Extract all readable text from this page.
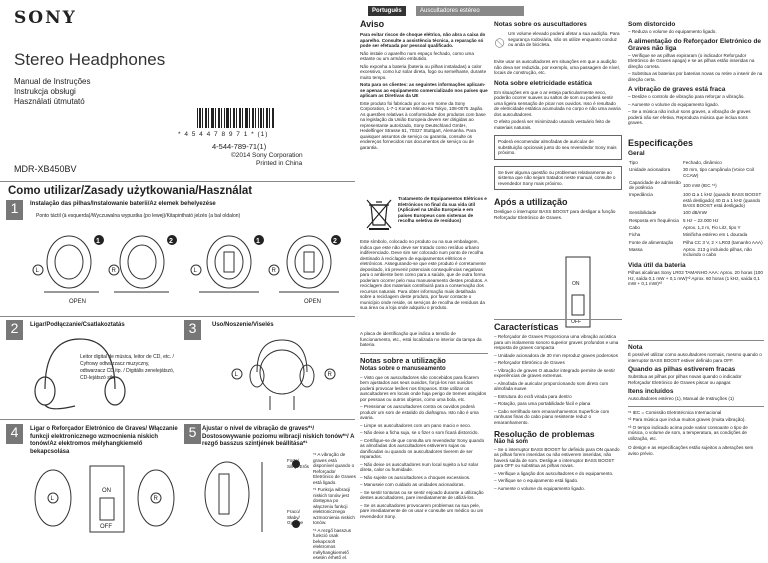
SONY
Stereo Headphones
Manual de Instruções
Instrukcja obsługi
Használati útmutató
* 4 5 4 4 7 8 9 7 1 * (1)
4-544-789-71(1)
©2014 Sony Corporation
Printed in China
MDR-XB450BV
Como utilizar/Zasady użytkowania/Használat
1	Instalação das pilhas/Instalowanie baterii/Az elemek behelyezése
Ponto táctil (à esquerda)/Wyczuwalna wypustka (po lewej)/Kitapintható jelzés (a bal oldalon)
1	2	1	2
L	L
R	R
OPEN	OPEN
2	Ligar/Podłączanie/Csatlakoztatás
Leitor digital de música, leitor de CD, etc. / Cyfrowy odtwarzacz muzyczny, odtwarzacz CD itp. / Digitális zenelejátszó, CD-lejátszó stb.
3	Uso/Noszenie/Viselés
L	R
4	Ligar o Reforçador Eletrónico de Graves/ Włączanie funkcji elektronicznego wzmocnienia niskich tonów/Az elektromos mélyhangkiemelő bekapcsolása
L	R
ON
OFF
5 Ajustar o nível de vibração de graves*¹/ Dostosowywanie poziomu wibracji niskich tonów*¹/ A rezgő basszus szintjének beállítása*¹
Forte/ Silny/ Erős
Fraco/ Słaby/ Gyenge

*¹ A vibração de graves está disponível quando o Reforçador Eletrónico de Graves está ligado.

*¹ Funkcja wibracji niskich tonów jest dostępna po włączeniu funkcji elektronicznego wzmocnienia niskich tonów.

*¹ A rezgő basszus funkció csak bekapcsolt elektromos mélyhangkiemelő esetén érhető el.

Português	Auscultadores estéreo
Aviso

Para evitar riscos de choque elétrico, não abra a caixa do aparelho. Consulte a assistência técnica, a reparação só pode ser efetuada por pessoal qualificado.

Não instale o aparelho num espaço fechado, como uma estante ou um armário embutido.

Não exponha a bateria (bateria ou pilhas instaladas) a calor excessivo, como luz solar direta, fogo ou semelhante, durante muito tempo.

Nota para os clientes: as seguintes informações aplicam-se apenas ao equipamento comercializado nos países que aplicam as Diretivas da UE

Este produto foi fabricado por ou em nome da Sony Corporation, 1-7-1 Konan Minato-ku Tokyo, 108-0075 Japão. As questões relativas à conformidade dos produtos com base na legislação da União Europeia devem ser dirigidas ao representante autorizado, Sony Deutschland GmbH, Hedelfinger Strasse 61, 70327 Stuttgart, Alemanha. Para quaisquer assuntos de serviço ou garantia, consulte os endereços fornecidos nos documentos de serviço ou de garantia.

Tratamento de Equipamentos Elétricos e Eletrónicos no final da sua vida útil (Aplicável na União Europeia e em países Europeus com sistemas de recolha seletiva de resíduos)
Este símbolo, colocado no produto ou na sua embalagem, indica que este não deve ser tratado como resíduo urbano indiferenciado. Deve sim ser colocado num ponto de recolha destinado à reciclagem de equipamentos elétricos e eletrónicos. Assegurando-se que este produto é corretamente depositado, irá prevenir potenciais consequências negativas para o ambiente bem como para a saúde, que de outra forma poderiam ocorrer pelo mau manuseamento destes produtos. A reciclagem dos materiais contribuirá para a conservação dos recursos naturais. Para obter informação mais detalhada sobre a reciclagem deste produto, por favor contacte o município onde reside, os serviços de recolha de resíduos da sua área ou a loja onde adquiriu o produto.
A placa de identificação que indica a tensão de funcionamento, etc., está localizada no interior da tampa da bateria.
Notas sobre a utilização
Notas sobre o manuseamento

– Visto que os auscultadores são concebidos para ficarem bem ajustados aos seus ouvidos, forçá-los nos ouvidos poderá provocar lesões nos tímpanos. Este utilizar os auscultadores em locais onde haja perigo de tremes atingidos por pessoas ou outros objetos, como uma bola, etc.

– Pressionar os auscultadores contra os ouvidos poderá produzir um som de estalido do diafragma. Isto não é uma avaria.

– Limpe os auscultadores com um pano macio e seco.

– Não deixe a ficha suja, se o fizer o som ficará distorcido.

– Certifique-se de que consulta um revendedor Sony quando as almofadas dos auscultadores estiverem sujas ou danificadas ou quando os auscultadores tiverem de ser reparados.

– Não deixe os auscultadores num local sujeito a luz solar direta, calor ou humidade.

– Não sujeite os auscultadores a choques excessivos.

– Manuseie com cuidado as unidades acionadoras.

– Se sentir tonturas ou se sentir enjoado durante a utilização destes auscultadores, pare imediatamente de utilizá-los.

– Se os auscultadores provocarem problemas na sua pele, pare imediatamente de os usar e consulte um médico ou um revendedor Sony.

Notas sobre os auscultadores

Um volume elevado poderá afetar a sua audição. Para segurança rodoviária, não os utilize enquanto conduz ou anda de bicicleta.

Evite usar os auscultadores em situações em que a audição não deva ser reduzida, por exemplo, uma passagem de nível, locais de construção, etc.

Nota sobre eletricidade estática

Em situações em que o ar esteja particularmente seco, poderão ocorrer suaves ou saltos de som ou poderá sentir uma ligeira sensação de picar nos ouvidos. Isso é resultado de eletricidade estática acumulada no corpo e não uma avaria dos auscultadores.

O efeito poderá ser minimizado usando vestuário feito de materiais naturais.

Poderá encomendar almofadas de auricular de substituição opcionais junto do seu revendedor Sony mais próximo.
Se tiver alguma questão ou problemas relativamente ao sistema que não sejam tratados neste manual, consulte o revendedor Sony mais próximo.
Após a utilização

Desligue o interruptor BASS BOOST para desligar a função Reforçador Eletrónico de Graves.

ON
OFF
Características

– Reforçador de Graves Proporciona uma vibração acústica para um isolamento sonoro superior graves profundos e uma resposta de graves compacta

– Unidade acionadora de 30 mm reproduz graves poderosos

– Reforçador Eletrónico de Graves

– Vibração de graves O atuador integrado permite de sentir experiências de graves extremas.

– Almofada de auricular proporcionando som direto com almofada suave

– Estrutura do ecrã virada para dentro

– Rotação, para uma portabilidade fácil e plana

– Cabo serrilhado sem emaranhamentos Superfície com ranhuras finas do cabo piano resistente reduz o emaranhamento.

Resolução de problemas
Não há som

– Se o interruptor BASS BOOST for definido para ON quando as pilhas forem inseridas ou não estiverem inseridas, não haverá saída de som. Desligue o interruptor BASS BOOST para OFF ou substitua as pilhas novas.

– Verifique a ligação dos auscultadores e do equipamento.

– Verifique se o equipamento está ligado.

– Aumente o volume do equipamento ligado.

Som distorcido

– Reduza o volume do equipamento ligado.

A alimentação do Reforçador Eletrónico de Graves não liga

– Verifique se as pilhas expiraram (o indicador Reforçador Eletrónico de Graves apaga) e se as pilhas estão inseridas na direção correta.

– Substitua as baterias por baterias novas ou retire a inserir de na direção certa.

A vibração de graves está fraca

– Deslize o controlo de vibração para reforçar a vibração.

– Aumente o volume do equipamento ligado.

– Se a música não incluir sons graves, a vibração de graves poderá não ser efetiva. Reproduza música que inclua sons graves.

Especificações
Geral
Tipo	Fechado, dinâmico
Unidade acionadora	30 mm, tipo campânula (Voice Coil CCAW)
Capacidade de admissão de potência	100 mW (IEC *¹)
Impedância	100 Ω a 1 kHz (quando BASS BOOST está desligado) 40 Ω a 1 kHz (quando BASS BOOST está desligado)
Sensibilidade	100 dB/mW
Resposta em frequência	5 Hz – 22.000 Hz
Cabo	Aprox. 1,2 m, Fio Litz, tipo Y
Ficha	Minificha estéreo em L dourada
Fonte de alimentação	Pilha CC 3 V, 2 × LR03 (tamanho AAA)
Massa	Aprox. 213 g incluindo pilhas, não incluindo o cabo
Vida útil da bateria
Pilhas alcalinas Sony LR03 TAMANHO AAA: Aprox. 20 horas (100 Hz, saída 0,1 mW + 0,1 mW)*² Aprox. 60 horas (1 kHz, saída 0,1 mW + 0,1 mW)*²
Nota

É possível utilizar como auscultadores normais, mesmo quando o interruptor BASS BOOST estiver definido para OFF.

Quando as pilhas estiverem fracas

Substitua as pilhas por pilhas novas quando o indicador Reforçador Eletrónico de Graves piscar ou apagar.

Itens incluídos

Auscultadores estéreo (1), Manual de Instruções (1)

*¹ IEC = Comissão Eletrotécnica Internacional

*² Para música que inclua muitos graves (muita vibração).

*³ O tempo indicado acima pode variar consoante o tipo de música, o volume de som, a temperatura, as condições de utilização, etc.

O design e as especificações estão sujeitos a alterações sem aviso prévio.
